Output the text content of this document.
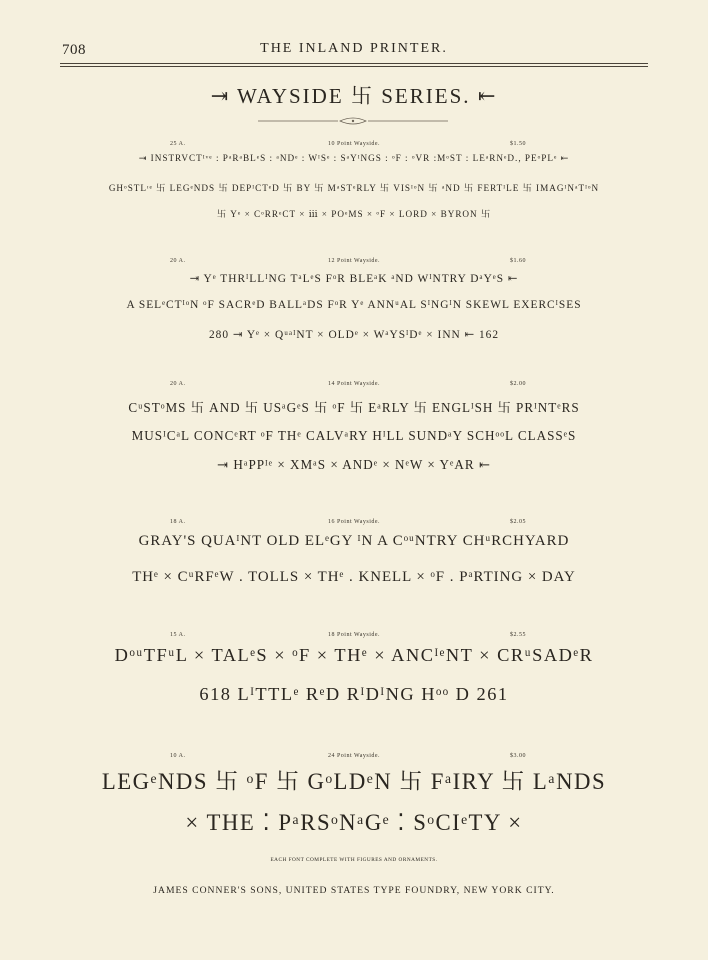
708	THE INLAND PRINTER.
⇥ WAYSIDE 卐 SERIES. ⇤
25 A.	10 Point Wayside.	$1.50
⇥ INSTRVCTᴵᵛᵉ : PᵃRᵃBLᵉS : ᵃNDᵉ : WᴵSᵉ : SᵃYᴵNGS : ᵒF : ᵒVR :MᵒST : LEᵃRNᵉD., PEᵒPLᵉ ⇤
GHᵒSTLᶦᵉ 卐 LEGᵉNDS 卐 DEPᴵCTᵉD 卐 BY 卐 MᵃSTᵉRLY 卐 VISᴵᵒN 卐 ᵃND 卐 FERTᴵLE 卐 IMAGᴵNᵃTᴵᵒN
卐 Yᵉ × CᵒRRᵉCT × ⅲ × POᵉMS × ᵒF × LORD × BYRON 卐
20 A.	12 Point Wayside.	$1.60
⇥ Yᵉ THRᴵLLᴵNG TᵃLᵉS FᵒR BLEᵃK ᵃND WᴵNTRY DᵃYᵉS ⇤
A SELᵉCTᴵᵒN ᵒF SACRᵉD BALLᵃDS FᵒR Yᵉ ANNᵘAL SᴵNGᴵN SKEWL EXERCᴵSES
280 ⇥ Yᵉ × QᵘᵃᴵNT × OLDᵉ × WᵃYSᴵDᵉ × INN ⇤ 162
20 A.	14 Point Wayside.	$2.00
CᵘSTᵒMS 卐 AND 卐 USᵃGᵉS 卐 ᵒF 卐 EᵃRLY 卐 ENGLᴵSH 卐 PRᴵNTᵉRS
MUSᴵCᵃL CONCᵉRT ᵒF THᵉ CALVᵃRY HᴵLL SUNDᵃY SCHᵒᵒL CLASSᵉS
⇥ HᵃPPᴵᵉ × XMᵃS × ANDᵉ × NᵉW × YᵉAR ⇤
18 A.	16 Point Wayside.	$2.05
GRAY'S QUAᴵNT OLD ELᵉGY ᴵN A CᵒᵘNTRY CHᵘRCHYARD
THᵉ × CᵘRFᵉW . TOLLS × THᵉ . KNELL × ᵒF . PᵃRTING × DAY
15 A.	18 Point Wayside.	$2.55
DᵒᵘTFᵘL × TALᵉS × ᵒF × THᵉ × ANCᴵᵉNT × CRᵘSADᵉR
618 LᴵTTLᵉ RᵉD RᴵDᴵNG Hᵒᵒ D 261
10 A.	24 Point Wayside.	$3.00
LEGᵉNDS 卐 ᵒF 卐 GᵒLDᵉN 卐 FᵃIRY 卐 LᵃNDS
× THE ⁚ PᵃRSᵒNᵃGᵉ ⁚ SᵒCIᵉTY ×
EACH FONT COMPLETE WITH FIGURES AND ORNAMENTS.
JAMES CONNER'S SONS, UNITED STATES TYPE FOUNDRY, NEW YORK CITY.
